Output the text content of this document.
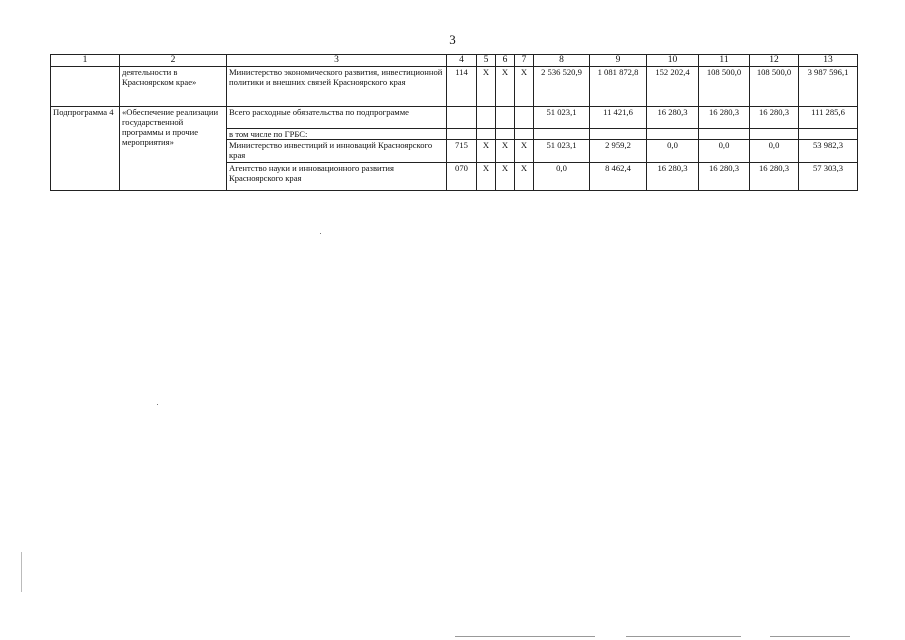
3
1	2	3	4	5	6	7	8	9	10	11	12	13
	деятельности в Красноярском крае»	Министерство экономического развития, инвестиционной политики и внешних связей Красноярского края	114	Х	Х	Х	2 536 520,9	1 081 872,8	152 202,4	108 500,0	108 500,0	3 987 596,1
Подпрограмма 4	«Обеспечение реализации государственной программы и прочие мероприятия»	Всего расходные обязательства по подпрограмме					51 023,1	11 421,6	16 280,3	16 280,3	16 280,3	111 285,6
		в том числе по ГРБС:										
		Министерство инвестиций и инноваций Красноярского края	715	Х	Х	Х	51 023,1	2 959,2	0,0	0,0	0,0	53 982,3
		Агентство науки и инновационного развития Красноярского края	070	Х	Х	Х	0,0	8 462,4	16 280,3	16 280,3	16 280,3	57 303,3
